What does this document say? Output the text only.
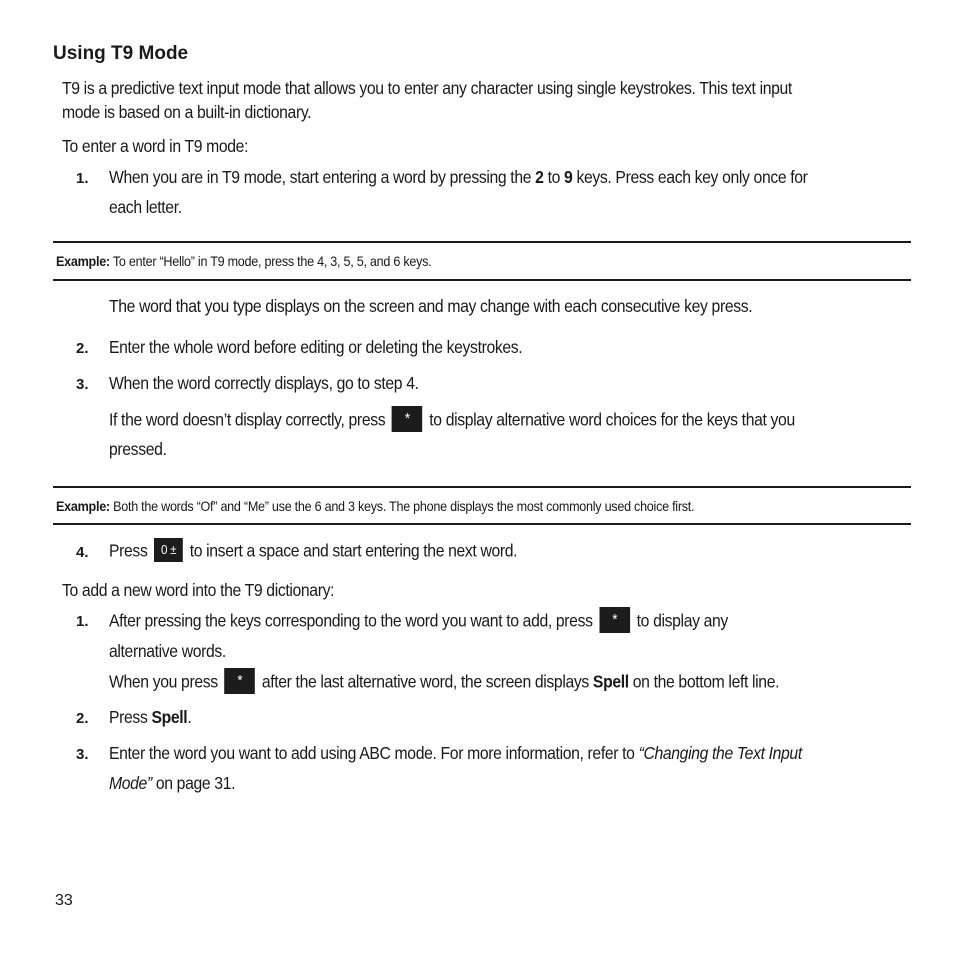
Using T9 Mode
T9 is a predictive text input mode that allows you to enter any character using single keystrokes. This text input
mode is based on a built-in dictionary.
To enter a word in T9 mode:
1. When you are in T9 mode, start entering a word by pressing the 2 to 9 keys. Press each key only once for
each letter.
Example: To enter “Hello” in T9 mode, press the 4, 3, 5, 5, and 6 keys.
The word that you type displays on the screen and may change with each consecutive key press.
2. Enter the whole word before editing or deleting the keystrokes.
3. When the word correctly displays, go to step 4.
If the word doesn’t display correctly, press * to display alternative word choices for the keys that you
pressed.
Example: Both the words “Of” and “Me” use the 6 and 3 keys. The phone displays the most commonly used choice first.
4. Press 0 ± to insert a space and start entering the next word.
To add a new word into the T9 dictionary:
1. After pressing the keys corresponding to the word you want to add, press * to display any
alternative words.
When you press * after the last alternative word, the screen displays Spell on the bottom left line.
2. Press Spell.
3. Enter the word you want to add using ABC mode. For more information, refer to “Changing the Text Input
Mode” on page 31.
33
